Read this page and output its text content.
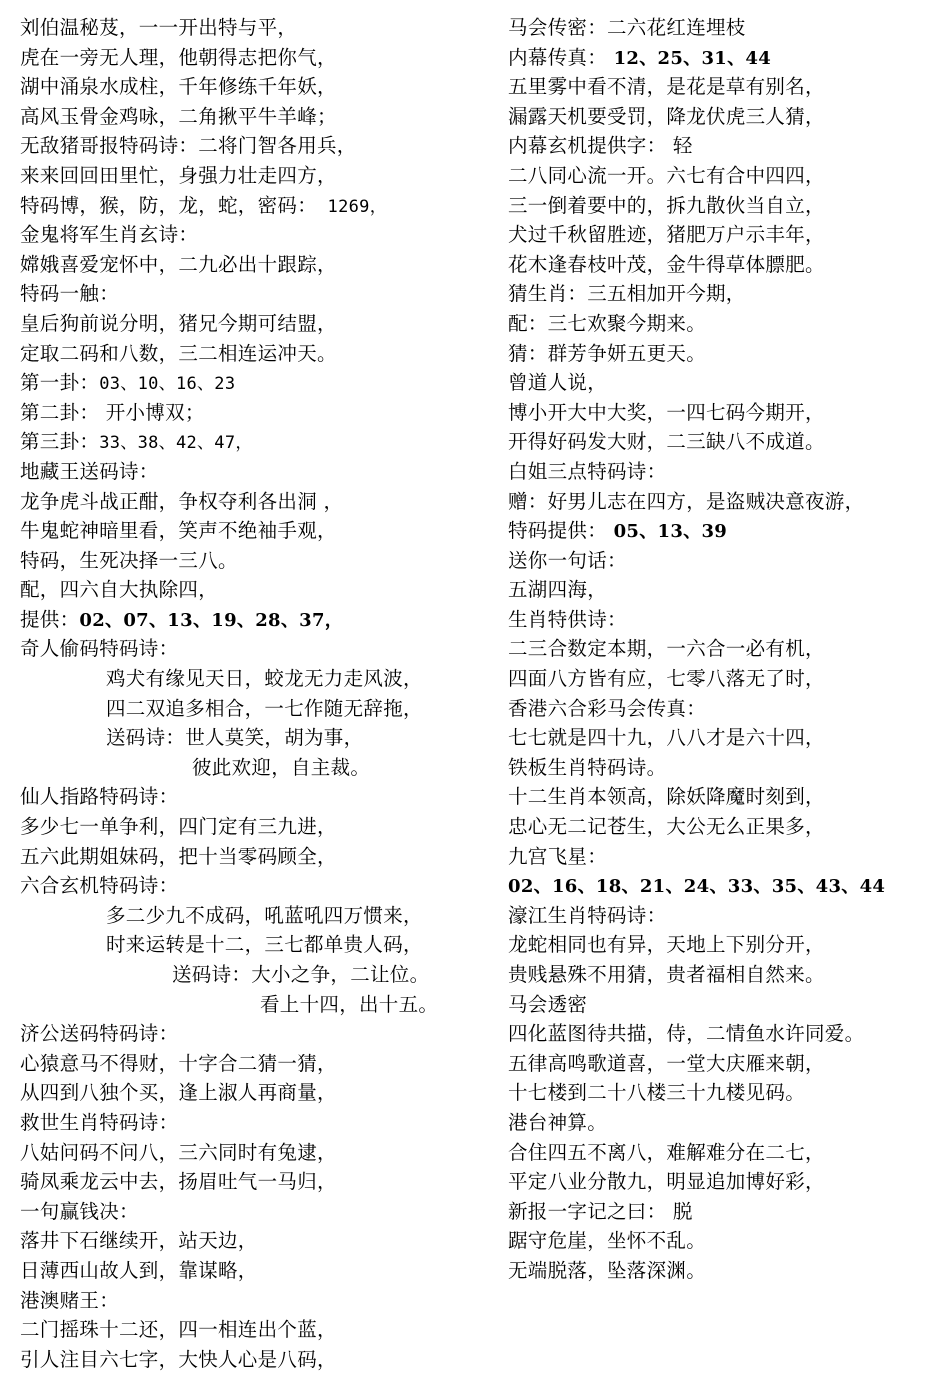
刘伯温秘芨，一一开出特与平，
虎在一旁无人理，他朝得志把你气，
湖中涌泉水成柱，千年修练千年妖，
高风玉骨金鸡咏，二角揪平牛羊峰；
无敌猪哥报特码诗：二将门智各用兵，
来来回回田里忙，身强力壮走四方，
特码博，猴，防，龙，蛇，密码： 1269，
金鬼将军生肖玄诗：
嫦娥喜爱宠怀中，二九必出十跟踪，
特码一触：
皇后狗前说分明，猪兄今期可结盟，
定取二码和八数，三二相连运冲天。
第一卦：03、10、16、23
第二卦： 开小博双；
第三卦：33、38、42、47，
地藏王送码诗：
龙争虎斗战正酣，争权夺利各出洞 ，
牛鬼蛇神暗里看，笑声不绝袖手观，
特码，生死决择一三八。
配，四六自大执除四，
提供：02、07、13、19、28、37，
奇人偷码特码诗：
鸡犬有缘见天日，蛟龙无力走风波，
四二双追多相合，一七作随无辞拖，
送码诗：世人莫笑，胡为事，
彼此欢迎，自主裁。
仙人指路特码诗：
多少七一单争利，四门定有三九进，
五六此期姐妹码，把十当零码顾全，
六合玄机特码诗：
多二少九不成码，吼蓝吼四万惯来，
时来运转是十二，三七都单贵人码，
送码诗：大小之争，二让位。
看上十四，出十五。
济公送码特码诗：
心猿意马不得财，十字合二猜一猜，
从四到八独个买，逢上淑人再商量，
救世生肖特码诗：
八姑问码不问八，三六同时有兔逮，
骑凤乘龙云中去，扬眉吐气一马归，
一句赢钱决：
落井下石继续开，站天边，
日薄西山故人到，靠谋略，
港澳赌王：
二门摇珠十二还，四一相连出个蓝，
引人注目六七字，大快人心是八码，
马会传密：二六花红连埋枝
内幕传真： 12、25、31、44
五里雾中看不清，是花是草有别名，
漏露天机要受罚，降龙伏虎三人猜，
内幕玄机提供字： 轻
二八同心流一开。六七有合中四四，
三一倒着要中的，拆九散伙当自立，
犬过千秋留胜迹，猪肥万户示丰年，
花木逢春枝叶茂，金牛得草体膘肥。
猜生肖：三五相加开今期，
配：三七欢聚今期来。
猜：群芳争妍五更天。
曾道人说，
博小开大中大奖，一四七码今期开，
开得好码发大财，二三缺八不成道。
白姐三点特码诗：
赠：好男儿志在四方，是盗贼决意夜游，
特码提供： 05、13、39
送你一句话：
五湖四海，
生肖特供诗：
二三合数定本期，一六合一必有机，
四面八方皆有应，七零八落无了时，
香港六合彩马会传真：
七七就是四十九，八八才是六十四，
铁板生肖特码诗。
十二生肖本领高，除妖降魔时刻到，
忠心无二记苍生，大公无么正果多，
九宫飞星：
02、16、18、21、24、33、35、43、44
濠江生肖特码诗：
龙蛇相同也有异，天地上下别分开，
贵贱悬殊不用猜，贵者福相自然来。
马会透密
四化蓝图待共描，侍，二情鱼水许同爱。
五律高鸣歌道喜，一堂大庆雁来朝，
十七楼到二十八楼三十九楼见码。
港台神算。
合住四五不离八，难解难分在二七，
平定八业分散九，明显追加博好彩，
新报一字记之曰： 脱
踞守危崖，坐怀不乱。
无端脱落，坠落深渊。
